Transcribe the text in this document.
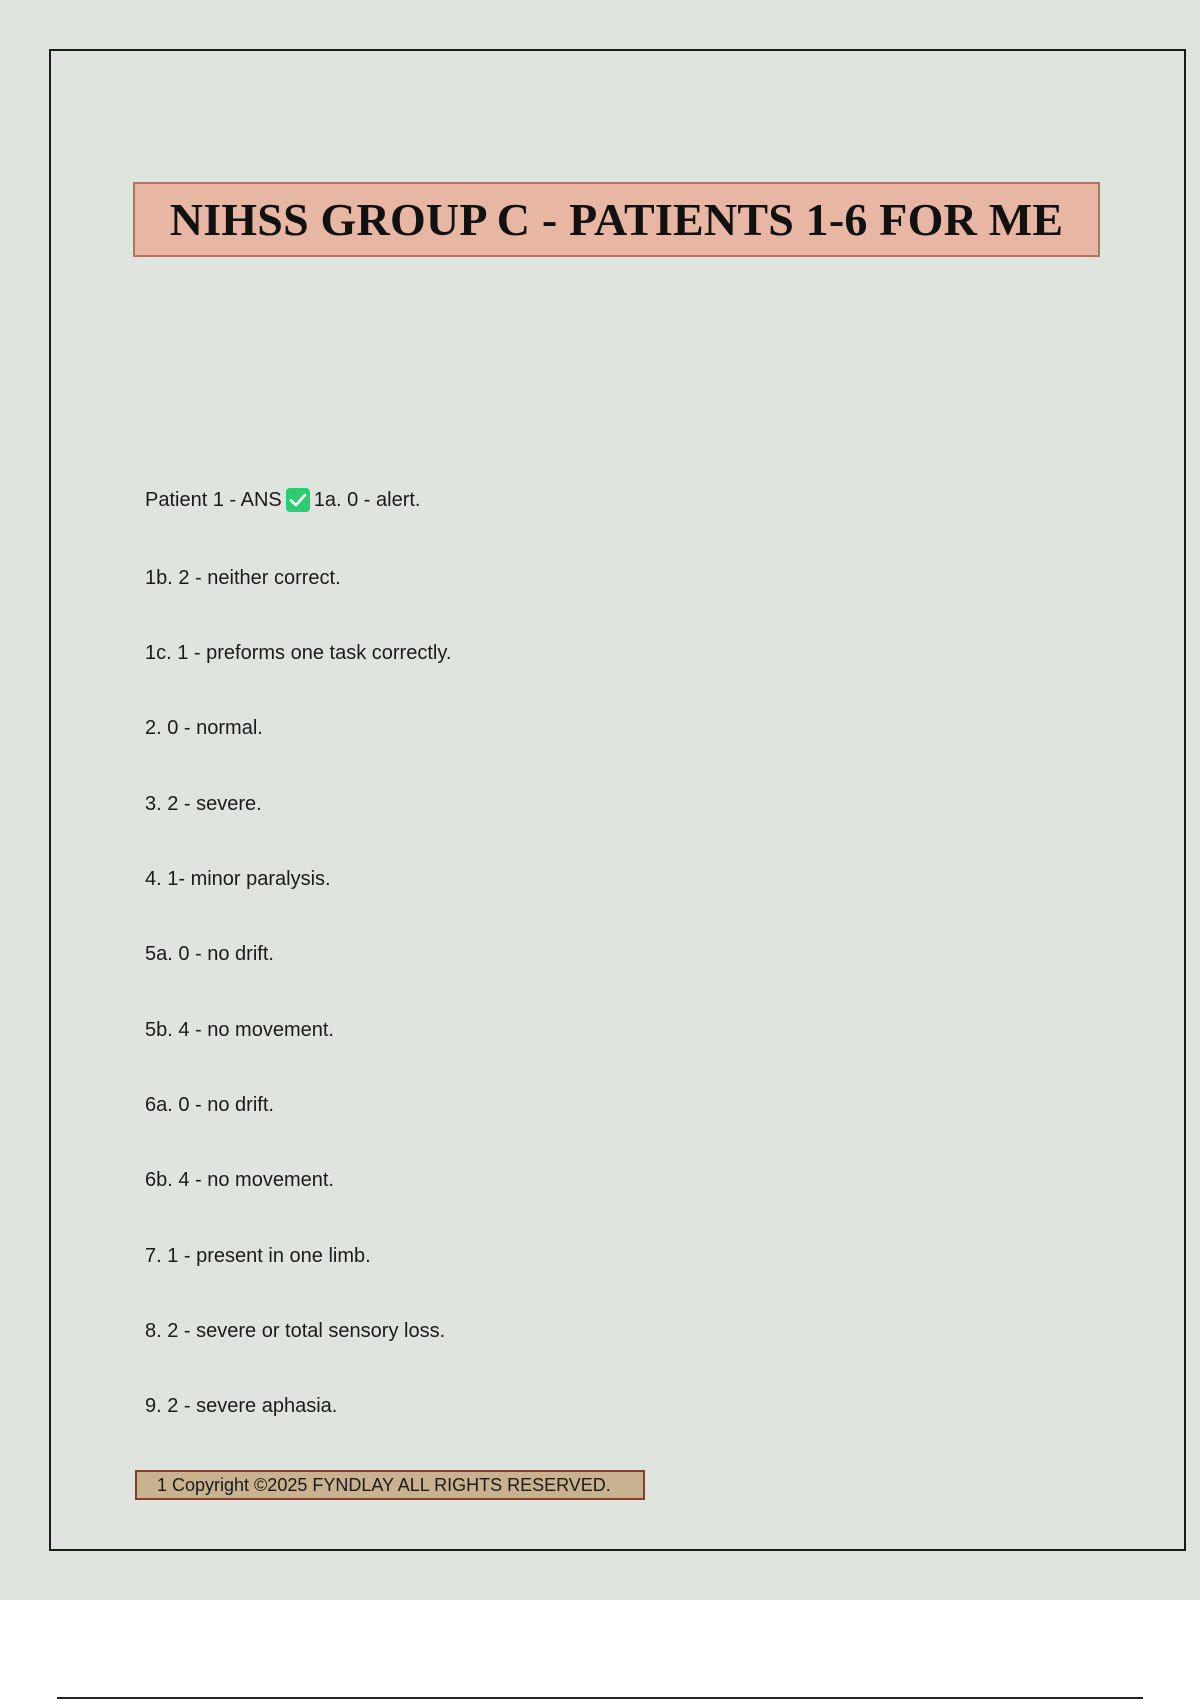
NIHSS GROUP C - PATIENTS 1-6 FOR ME
Patient 1 - ANS 1a. 0 - alert.
1b. 2 - neither correct.
1c. 1 - preforms one task correctly.
2. 0 - normal.
3. 2 - severe.
4. 1- minor paralysis.
5a. 0 - no drift.
5b. 4 - no movement.
6a. 0 - no drift.
6b. 4 - no movement.
7. 1 - present in one limb.
8. 2 - severe or total sensory loss.
9. 2 - severe aphasia.
1 Copyright ©2025 FYNDLAY ALL RIGHTS RESERVED.
